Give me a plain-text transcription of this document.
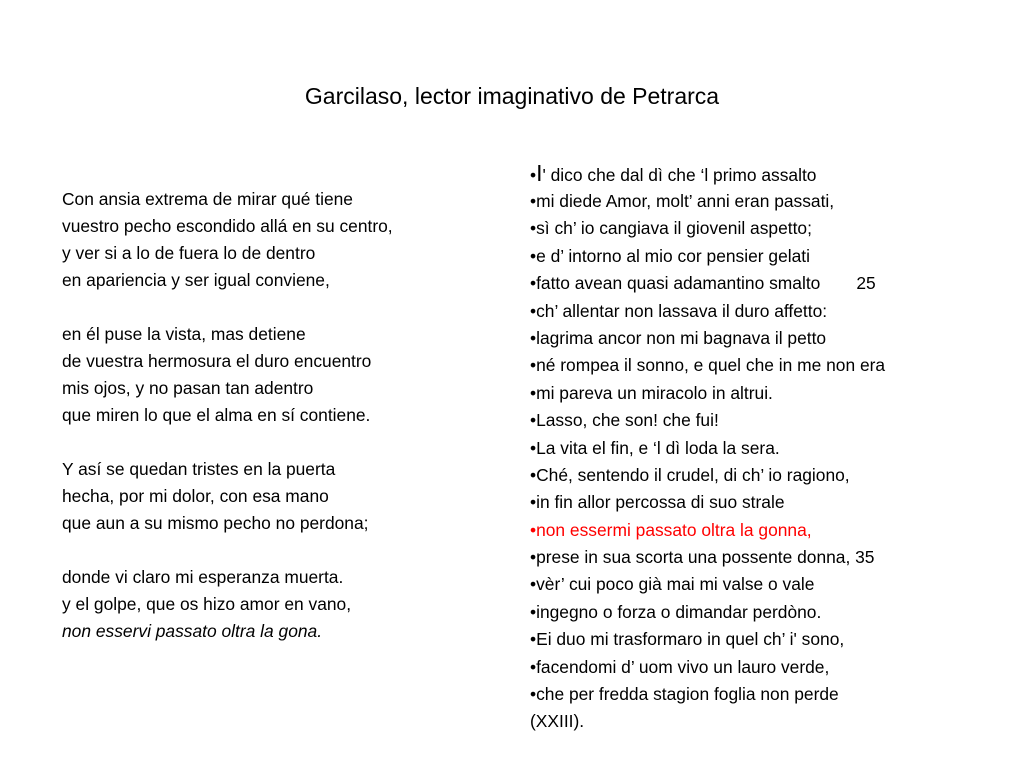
Garcilaso, lector imaginativo de Petrarca
Con ansia extrema de mirar qué tiene
vuestro pecho escondido allá en su centro,
y ver si a lo de fuera lo de dentro
en apariencia y ser igual conviene,
en él puse la vista, mas detiene
de vuestra hermosura el duro encuentro
mis ojos, y no pasan tan adentro
que miren lo que el alma en sí contiene.
Y así se quedan tristes en la puerta
hecha, por mi dolor, con esa mano
que aun a su mismo pecho no perdona;
donde vi claro mi esperanza muerta.
y el golpe, que os hizo amor en vano,
non esservi passato oltra la gona.
•I' dico che dal dì che ‘l primo assalto
•mi diede Amor, molt’ anni eran passati,
•sì ch’ io cangiava il giovenil aspetto;
•e d’ intorno al mio cor pensier gelati
•fatto avean quasi adamantino smalto 25
•ch’ allentar non lassava il duro affetto:
•lagrima ancor non mi bagnava il petto
•né rompea il sonno, e quel che in me non era
•mi pareva un miracolo in altrui.
•Lasso, che son! che fui!
•La vita el fin, e ‘l dì loda la sera.
•Ché, sentendo il crudel, di ch’ io ragiono,
•in fin allor percossa di suo strale
•non essermi passato oltra la gonna,
•prese in sua scorta una possente donna, 35
•vèr’ cui poco già mai mi valse o vale
•ingegno o forza o dimandar perdòno.
•Ei duo mi trasformaro in quel ch’ i' sono,
•facendomi d’ uom vivo un lauro verde,
•che per fredda stagion foglia non perde
(XXIII).
